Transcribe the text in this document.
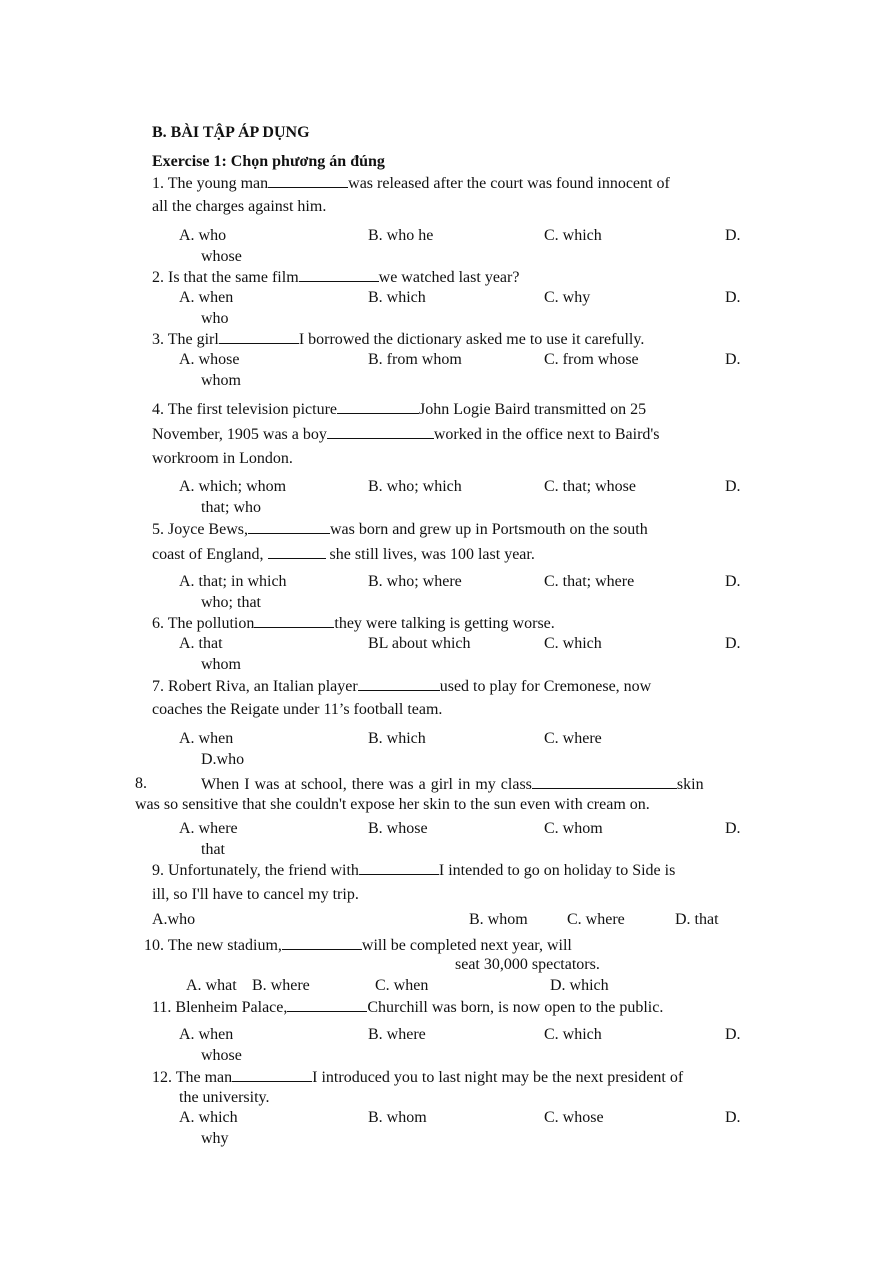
B. BÀI TẬP ÁP DỤNG
Exercise 1: Chọn phương án đúng
1. The young man	was released after the court was found innocent of
all the charges against him.
A. who	B. who he	C. which	D.
whose
2. Is that the same film	we watched last year?
A. when	B. which	C. why	D.
who
3. The girl	I borrowed the dictionary asked me to use it carefully.
A. whose	B. from whom	C. from whose	D.
whom
4. The first television picture	John Logie Baird transmitted on 25
November, 1905 was a boy	worked in the office next to Baird's
workroom in London.
A. which; whom	B. who; which	C. that; whose	D.
that; who
5. Joyce Bews,	was born and grew up in Portsmouth on the south
coast of England,	she still lives, was 100 last year.
A. that; in which	B. who; where	C. that; where	D.
who; that
6. The pollution	they were talking is getting worse.
A. that	BL about which	C. which	D.
whom
7. Robert Riva, an Italian player	used to play for Cremonese, now
coaches the Reigate under 11’s football team.
A. when	B. which	C. where
D.who
8.	When I was at school, there was a girl in my class	skin
was so sensitive that she couldn't expose her skin to the sun even with cream on.
A. where	B. whose	C. whom	D.
that
9. Unfortunately, the friend with	I intended to go on holiday to Side is
ill, so I'll have to cancel my trip.
A.who	B. whom C. where	D. that
10. The new stadium,	will be completed next year, will
seat 30,000 spectators.
A. what B. where	C. when	D. which
11. Blenheim Palace,	Churchill was born, is now open to the public.
A. when	B. where	C. which	D.
whose
12. The man	I introduced you to last night may be the next president of
the university.
A. which	B. whom	C. whose	D.
why
